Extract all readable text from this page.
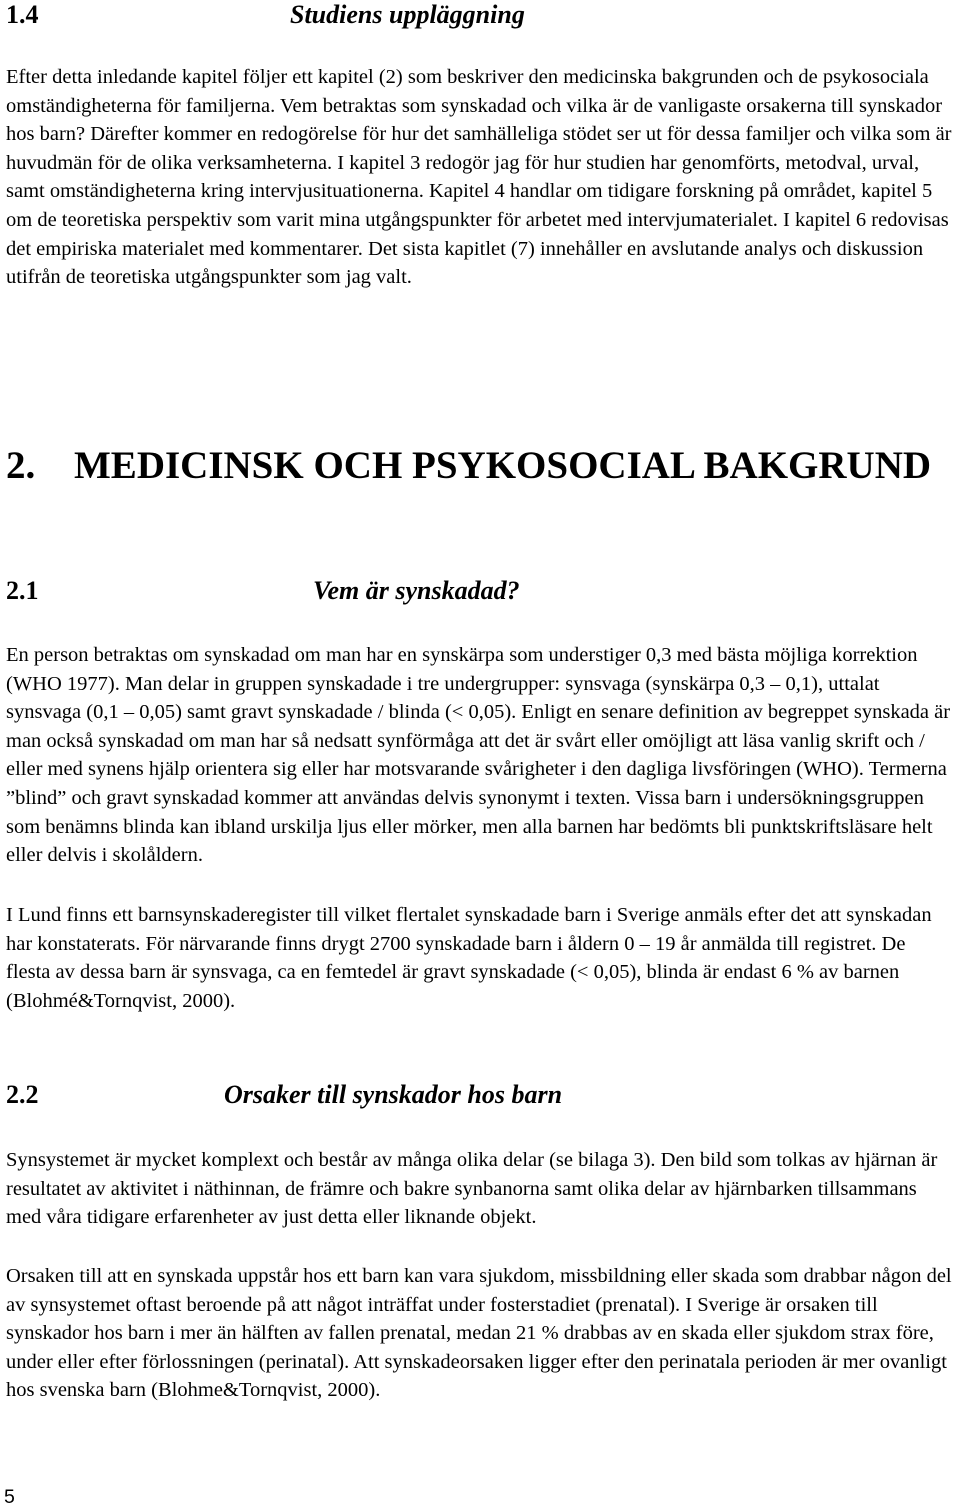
1.4	Studiens uppläggning

Efter detta inledande kapitel följer ett kapitel (2) som beskriver den medicinska bakgrunden och de psykosociala omständigheterna för familjerna. Vem betraktas som synskadad och vilka är de vanligaste orsakerna till synskador hos barn? Därefter kommer en redogörelse för hur det samhälleliga stödet ser ut för dessa familjer och vilka som är huvudmän för de olika verksamheterna. I kapitel 3 redogör jag för hur studien har genomförts, metodval, urval, samt omständigheterna kring intervjusituationerna. Kapitel 4 handlar om tidigare forskning på området, kapitel 5 om de teoretiska perspektiv som varit mina utgångspunkter för arbetet med intervjumaterialet. I kapitel 6 redovisas det empiriska materialet med kommentarer. Det sista kapitlet (7) innehåller en avslutande analys och diskussion utifrån de teoretiska utgångspunkter som jag valt.

2. MEDICINSK OCH PSYKOSOCIAL BAKGRUND
2.1	Vem är synskadad?

En person betraktas om synskadad om man har en synskärpa som understiger 0,3 med bästa möjliga korrektion (WHO 1977). Man delar in gruppen synskadade i tre undergrupper: synsvaga (synskärpa 0,3 – 0,1), uttalat synsvaga (0,1 – 0,05) samt gravt synskadade / blinda (< 0,05). Enligt en senare definition av begreppet synskada är man också synskadad om man har så nedsatt synförmåga att det är svårt eller omöjligt att läsa vanlig skrift och / eller med synens hjälp orientera sig eller har motsvarande svårigheter i den dagliga livsföringen (WHO). Termerna ”blind” och gravt synskadad kommer att användas delvis synonymt i texten. Vissa barn i undersökningsgruppen som benämns blinda kan ibland urskilja ljus eller mörker, men alla barnen har bedömts bli punktskriftsläsare helt eller delvis i skolåldern.

I Lund finns ett barnsynskaderegister till vilket flertalet synskadade barn i Sverige anmäls efter det att synskadan har konstaterats. För närvarande finns drygt 2700 synskadade barn i åldern 0 – 19 år anmälda till registret. De flesta av dessa barn är synsvaga, ca en femtedel är gravt synskadade (< 0,05), blinda är endast 6 % av barnen (Blohmé&Tornqvist, 2000).

2.2	Orsaker till synskador hos barn

Synsystemet är mycket komplext och består av många olika delar (se bilaga 3). Den bild som tolkas av hjärnan är resultatet av aktivitet i näthinnan, de främre och bakre synbanorna samt olika delar av hjärnbarken tillsammans med våra tidigare erfarenheter av just detta eller liknande objekt.

Orsaken till att en synskada uppstår hos ett barn kan vara sjukdom, missbildning eller skada som drabbar någon del av synsystemet oftast beroende på att något inträffat under fosterstadiet (prenatal). I Sverige är orsaken till synskador hos barn i mer än hälften av fallen prenatal, medan 21 % drabbas av en skada eller sjukdom strax före, under eller efter förlossningen (perinatal). Att synskadeorsaken ligger efter den perinatala perioden är mer ovanligt hos svenska barn (Blohme&Tornqvist, 2000).

5
